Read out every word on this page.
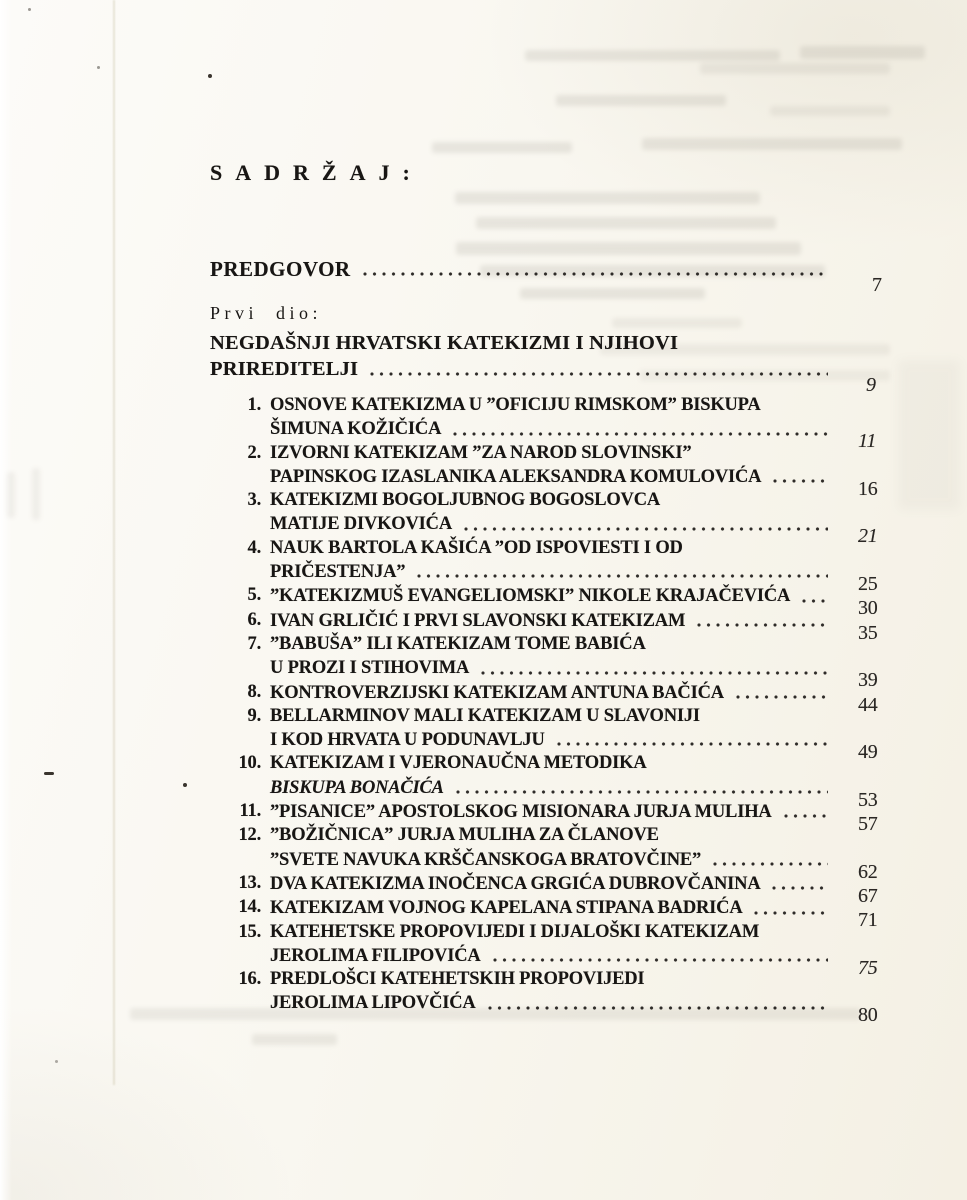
SADRŽAJ:
PREDGOVOR
7
Prvi dio:
NEGDAŠNJI HRVATSKI KATEKIZMI I NJIHOVI
PRIREDITELJI
9
1. OSNOVE KATEKIZMA U ”OFICIJU RIMSKOM” BISKUPA
ŠIMUNA KOŽIČIĆA
11
2. IZVORNI KATEKIZAM ”ZA NAROD SLOVINSKI”
PAPINSKOG IZASLANIKA ALEKSANDRA KOMULOVIĆA
16
3. KATEKIZMI BOGOLJUBNOG BOGOSLOVCA
MATIJE DIVKOVIĆA
21
4. NAUK BARTOLA KAŠIĆA ”OD ISPOVIESTI I OD
PRIČESTENJA”
25
5. ”KATEKIZMUŠ EVANGELIOMSKI” NIKOLE KRAJAČEVIĆA
30
6. IVAN GRLIČIĆ I PRVI SLAVONSKI KATEKIZAM
35
7. ”BABUŠA” ILI KATEKIZAM TOME BABIĆA
U PROZI I STIHOVIMA
39
8. KONTROVERZIJSKI KATEKIZAM ANTUNA BAČIĆA
44
9. BELLARMINOV MALI KATEKIZAM U SLAVONIJI
I KOD HRVATA U PODUNAVLJU
49
10. KATEKIZAM I VJERONAUČNA METODIKA
BISKUPA BONAČIĆA
53
11. ”PISANICE” APOSTOLSKOG MISIONARA JURJA MULIHA
57
12. ”BOŽIČNICA” JURJA MULIHA ZA ČLANOVE
”SVETE NAVUKA KRŠČANSKOGA BRATOVČINE”
62
13. DVA KATEKIZMA INOČENCA GRGIĆA DUBROVČANINA
67
14. KATEKIZAM VOJNOG KAPELANA STIPANA BADRIĆA
71
15. KATEHETSKE PROPOVIJEDI I DIJALOŠKI KATEKIZAM
JEROLIMA FILIPOVIĆA
75
16. PREDLOŠCI KATEHETSKIH PROPOVIJEDI
JEROLIMA LIPOVČIĆA
80
